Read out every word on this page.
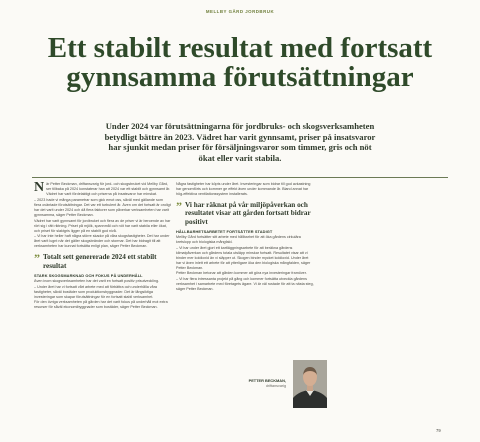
MELLBY GÅRD JORDBRUK
Ett stabilt resultat med fortsatt gynnsamma förutsättningar

Under 2024 var förutsättningarna för jordbruks- och skogsverksamheten betydligt bättre än 2023. Vädret har varit gynnsamt, priser på insatsvaror har sjunkit medan priser för försäljningsvaror som timmer, gris och nöt ökat eller varit stabila.

N är Petter Beckman, driftansvarig för jord- och skogsbruket vid Mellby Gård, ser tillbaka på 2024 konstaterar han att 2024 var ett stabilt och gynnsamt år. Vädret har varit fördelaktigt och priserna på insatsvaror har minskat.

– 2023 hade vi många parametrar som gick emot oss, såväl med gällande som flera oväntade förutsättningar. Det var ett turbulent år. Även om det fortsatt är oroligt har det varit under 2024 och då flera faktorer som påverkar verksamheten har varit gynnsamma, säger Petter Beckman.

Vädret har varit gynnsamt för jordbruket och flera av de priser vi är beroende av har rört sig i rätt riktning. Priset på mjölk, spannmål och nöt har varit stabila eller ökat, och priset för slaktgris ligger på en stabilt god nivå.

– Vi har inte heller haft några större skador på våra skogsfastigheter. Det har under året varit lugnt när det gäller skogsbränder och stormar. Det har bidragit till att verksamheten har kunnat fortsätta enligt plan, säger Petter Beckman.

” Totalt sett genererade 2024 ett stabilt resultat
STARK SKOGSMARKNAD OCH FOKUS PÅ UNDERHÅLL

Även inom skogsverksamheten har det varit en fortsatt positiv prisutveckling.

– Under året har vi fortsatt vårt arbete med att förbättra och underhålla våra fastigheter, såväl bostäder som produktionsbyggnader. Det är långsiktiga investeringar som skapar förutsättningar för en fortsatt stabil verksamhet.

För den övriga verksamheten på gården har det varit fokus på underhåll mot extra resurser för såväl ekonomibyggnader som bostäder, säger Petter Beckman.

Några fastigheter har köpts under året. Investeringar som bidrar till god avkastning har genomförts och kommer ge effekt även under kommande år. Bland annat har hög-effektiva ventilationssystem installerats.

” Vi har räknat på vår miljöpåverkan och resultatet visar att gården fortsatt bidrar positivt
HÅLLBARHETSARBETET FORTSÄTTER STADIGT

Mellby Gård fortsätter sitt arbete med hållbarhet för att öka gårdens cirkulära kretslopp och biologiska mångfald.

– Vi har under året gjort ett kartläggningsarbete för att beräkna gårdens klimatpåverkan och gårdens totala utsläpp minskar fortsatt. Resultatet visar att vi binder mer koldioxid än vi släpper ut. Skogen binder mycket koldioxid. Under året har vi även inlett ett arbete för att ytterligare öka den biologiska mångfalden, säger Petter Beckman.

Petter Beckman betonar att gården kommer att göra nya investeringar framöver.

– Vi har flera intressanta projekt på gång och kommer fortsätta utveckla gårdens verksamhet i samarbete med företagets ägare. Vi är väl rustade för att ta nästa steg, säger Petter Beckman.

PETTER BECKMAN,
driftansvarig
79
